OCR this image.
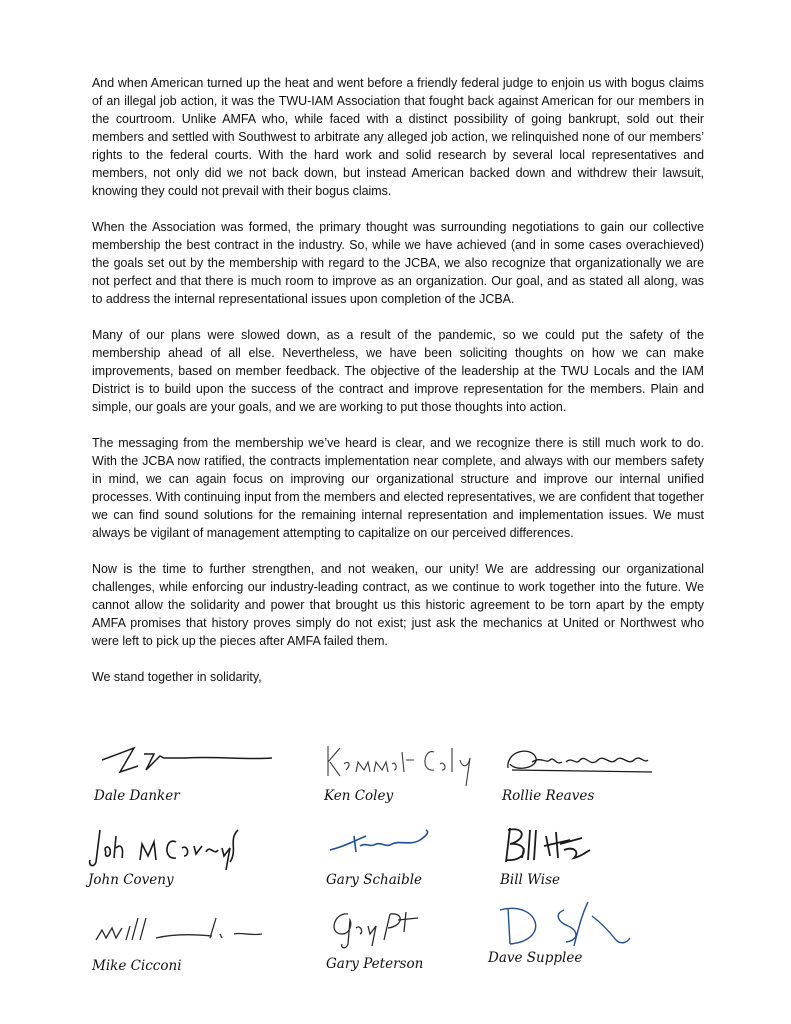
And when American turned up the heat and went before a friendly federal judge to enjoin us with bogus claims of an illegal job action, it was the TWU-IAM Association that fought back against American for our members in the courtroom. Unlike AMFA who, while faced with a distinct possibility of going bankrupt, sold out their members and settled with Southwest to arbitrate any alleged job action, we relinquished none of our members’ rights to the federal courts. With the hard work and solid research by several local representatives and members, not only did we not back down, but instead American backed down and withdrew their lawsuit, knowing they could not prevail with their bogus claims.

When the Association was formed, the primary thought was surrounding negotiations to gain our collective membership the best contract in the industry. So, while we have achieved (and in some cases overachieved) the goals set out by the membership with regard to the JCBA, we also recognize that organizationally we are not perfect and that there is much room to improve as an organization. Our goal, and as stated all along, was to address the internal representational issues upon completion of the JCBA.

Many of our plans were slowed down, as a result of the pandemic, so we could put the safety of the membership ahead of all else. Nevertheless, we have been soliciting thoughts on how we can make improvements, based on member feedback. The objective of the leadership at the TWU Locals and the IAM District is to build upon the success of the contract and improve representation for the members. Plain and simple, our goals are your goals, and we are working to put those thoughts into action.

The messaging from the membership we’ve heard is clear, and we recognize there is still much work to do. With the JCBA now ratified, the contracts implementation near complete, and always with our members safety in mind, we can again focus on improving our organizational structure and improve our internal unified processes. With continuing input from the members and elected representatives, we are confident that together we can find sound solutions for the remaining internal representation and implementation issues. We must always be vigilant of management attempting to capitalize on our perceived differences.

Now is the time to further strengthen, and not weaken, our unity! We are addressing our organizational challenges, while enforcing our industry-leading contract, as we continue to work together into the future. We cannot allow the solidarity and power that brought us this historic agreement to be torn apart by the empty AMFA promises that history proves simply do not exist; just ask the mechanics at United or Northwest who were left to pick up the pieces after AMFA failed them.

We stand together in solidarity,

Dale Danker	Ken Coley	Rollie Reaves
John Coveny	Gary Schaible	Bill Wise
Mike Cicconi	Gary Peterson	Dave Supplee
